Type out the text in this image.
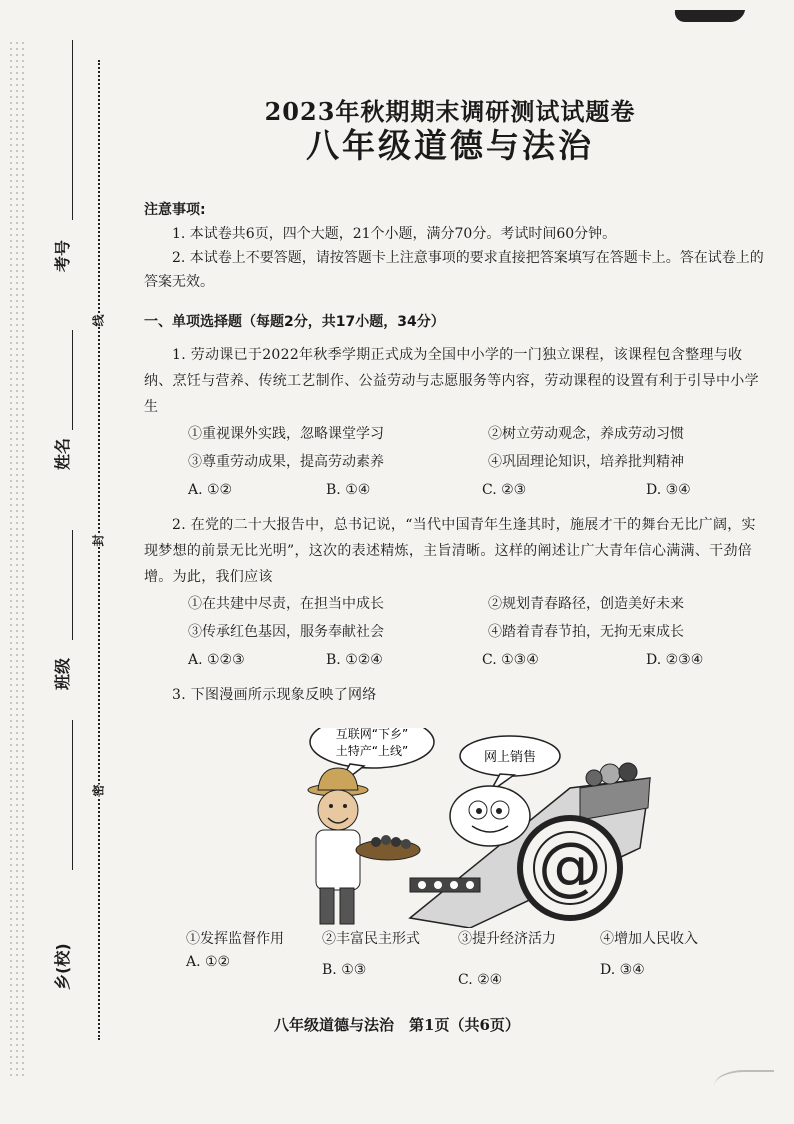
考号
姓名
班级
乡(校)
线
封
密
2023年秋期期末调研测试试题卷
八年级道德与法治

注意事项:

1. 本试卷共6页，四个大题，21个小题，满分70分。考试时间60分钟。

2. 本试卷上不要答题，请按答题卡上注意事项的要求直接把答案填写在答题卡上。答在试卷上的答案无效。

一、单项选择题（每题2分，共17小题，34分）

1. 劳动课已于2022年秋季学期正式成为全国中小学的一门独立课程，该课程包含整理与收纳、烹饪与营养、传统工艺制作、公益劳动与志愿服务等内容，劳动课程的设置有利于引导中小学生

①重视课外实践，忽略课堂学习	②树立劳动观念，养成劳动习惯
③尊重劳动成果，提高劳动素养	④巩固理论知识，培养批判精神
A. ①②	B. ①④	C. ②③	D. ③④

2. 在党的二十大报告中，总书记说，“当代中国青年生逢其时，施展才干的舞台无比广阔，实现梦想的前景无比光明”，这次的表述精炼，主旨清晰。这样的阐述让广大青年信心满满、干劲倍增。为此，我们应该

①在共建中尽责，在担当中成长	②规划青春路径，创造美好未来
③传承红色基因，服务奉献社会	④踏着青春节拍，无拘无束成长
A. ①②③	B. ①②④	C. ①③④	D. ②③④

3. 下图漫画所示现象反映了网络

互联网“下乡”
土特产“上线”	网上销售
@
①发挥监督作用	②丰富民主形式	③提升经济活力	④增加人民收入
A. ①②	B. ①③
C. ②④
D. ③④
八年级道德与法治　第1页（共6页）
